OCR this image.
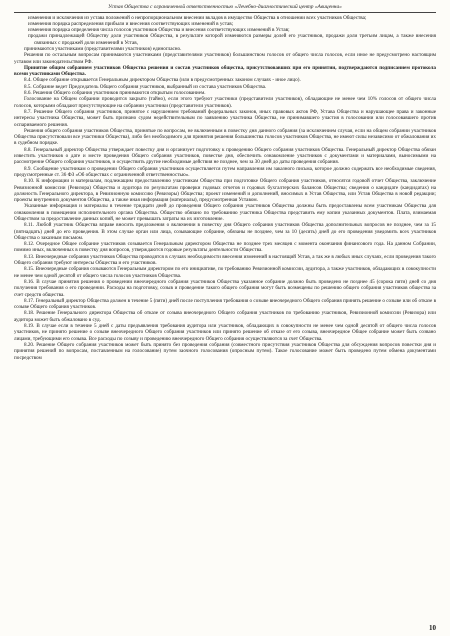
Устав Общества с ограниченной ответственностью «Лечебно-диагностический центр «Авиценна»

изменения и исключения из устава положений о непропорциональном внесении вкладов в имущество Общества в отношении всех участников Общества;

изменения порядка распределения прибыли и внесения соответствующих изменений в устав;

изменения порядка определения числа голосов участников Общества и внесения соответствующих изменений в Устав;

продажи принадлежащей Обществу доли участников Общества, в результате которой изменяются размеры долей его участников, продажи доли третьим лицам, а также внесения связанных с продажей доли изменений в Устав,

принимаются участниками (представителями участников) единогласно.

Решения по остальным вопросам принимаются участниками (представителями участников) большинством голосов от общего числа голосов, если иное не предусмотрено настоящим уставом или законодательством РФ.

Принятие общим собранием участников Общества решения и состав участников общества, присутствовавших при его принятии, подтверждаются подписанием протокола всеми участниками Общества.

8.4. Общее собрание открывается Генеральным директором Общества (или в предусмотренных законом случаях - иное лицо).

8.5. Собрание ведет Председатель Общего собрания участников, выбранный из состава участников Общества.

8.6. Решения Общего собрания участников принимаются открытым голосованием.

Голосование на Общем собрании проводится закрыто (тайно), если этого требуют участники (представители участников), обладающие не менее чем 10% голосов от общего числа голосов, которыми обладают присутствующие на собрании участники (представители участников).

8.7. Решение Общего собрания участников, принятое с нарушением требований федеральных законов, иных правовых актов РФ, Устава Общества и нарушающее права и законные интересы участника Общества, может быть признано судом недействительным по заявлению участника Общества, не принимавшего участия в голосовании или голосовавшего против оспариваемого решения.

Решения общего собрания участников Общества, принятые по вопросам, не включенным в повестку дня данного собрания (за исключением случая, если на общем собрании участников Общества присутствовали все участники Общества), либо без необходимого для принятия решения большинства голосов участников Общества, не имеют силы независимо от обжалования их в судебном порядке.

8.8. Генеральный директор Общества утверждает повестку дня и организует подготовку к проведению Общего собрания участников Общества. Генеральный директор Общества обязан известить участников о дате и месте проведения Общего собрания участников, повестке дня, обеспечить ознакомление участников с документами и материалами, выносимыми на рассмотрение Общего собрания участников, и осуществить другие необходимые действия не позднее, чем за 30 дней до даты проведения собрания.

8.9. Сообщение участникам о проведении Общего собрания участников осуществляется путем направления им заказного письма, которое должно содержать все необходимые сведения, предусмотренные ст. 36 ФЗ «Об обществах с ограниченной ответственностью».

8.10. К информации и материалам, подлежащим предоставлению участникам Общества при подготовке Общего собрания участников, относятся годовой отчет Общества, заключение Ревизионной комиссии (Ревизора) Общества и аудитора по результатам проверки годовых отчетов и годовых бухгалтерских балансов Общества; сведения о кандидате (кандидатах) на должность Генерального директора, в Ревизионную комиссию (Ревизоры) Общества; проект изменений и дополнений, вносимых в Устав Общества, или Устав Общества в новой редакции; проекты внутренних документов Общества, а также иная информация (материалы), предусмотренная Уставом.

Указанные информация и материалы в течение тридцати дней до проведения Общего собрания участников Общества должны быть предоставлены всем участникам Общества для ознакомления в помещении исполнительного органа Общества. Общество обязано по требованию участника Общества представить ему копии указанных документов. Плата, взимаемая Обществом за предоставление данных копий, не может превышать затраты на их изготовление.

8.11. Любой участник Общества вправе вносить предложения о включении в повестку дня Общего собрания участников Общества дополнительных вопросов не позднее, чем за 15 (пятнадцать) дней до его проведения. В этом случае орган или лица, созывающие собрание, обязаны не позднее, чем за 10 (десять) дней до его проведения уведомить всех участников Общества о заказным письмом.

8.12. Очередное Общее собрание участников созывается Генеральным директором Общества не позднее трех месяцев с момента окончания финансового года. На данном Собрании, помимо иных, включенных в повестку дня вопросов, утверждаются годовые результаты деятельности Общества.

8.13. Внеочередные собрания участников Общества проводятся в случаях необходимости внесения изменений в настоящий Устав, а так же в любых иных случаях, если проведения такого Общего собрания требуют интересы Общества и его участников.

8.15. Внеочередные собрания созываются Генеральным директором по его инициативе, по требованию Ревизионной комиссии, аудитора, а также участников, обладающих в совокупности не менее чем одной десятой от общего числа голосов участников Общества.

8.16. В случае принятия решения о проведении внеочередного собрания участников Общества указанное собрание должно быть проведено не позднее 45 (сорока пяти) дней со дня получения требования о его проведении. Расходы на подготовку, созыв и проведение такого общего собрания могут быть возмещены по решению общего собрания участников общества за счет средств общества.

8.17. Генеральный директор Общества должен в течение 5 (пяти) дней после поступления требования о созыве внеочередного Общего собрания принять решение о созыве или об отказе в созыве Общего собрания участников.

8.18. Решение Генерального директора Общества об отказе от созыва внеочередного Общего собрания участников по требованию участников, Ревизионной комиссии (Ревизора) или аудитора может быть обжаловано в суд.

8.19. В случае если в течение 5 дней с даты предъявления требования аудитора или участников, обладающих в совокупности не менее чем одной десятой от общего числа голосов участников, не принято решение о созыве внеочередного Общего собрания участников или принято решение об отказе от его созыва, внеочередное Общее собрание может быть созвано лицами, требующими его созыва. Все расходы по созыву и проведению внеочередного Общего собрания осуществляются за счет Общества.

8.20. Решение Общего собрания участников может быть принято без проведения собрания (совместного присутствия участников Общества для обсуждения вопросов повестки дня и принятия решений по вопросам, поставленным на голосование) путем заочного голосования (опросным путем). Такое голосование может быть проведено путем обмена документами посредством

10
